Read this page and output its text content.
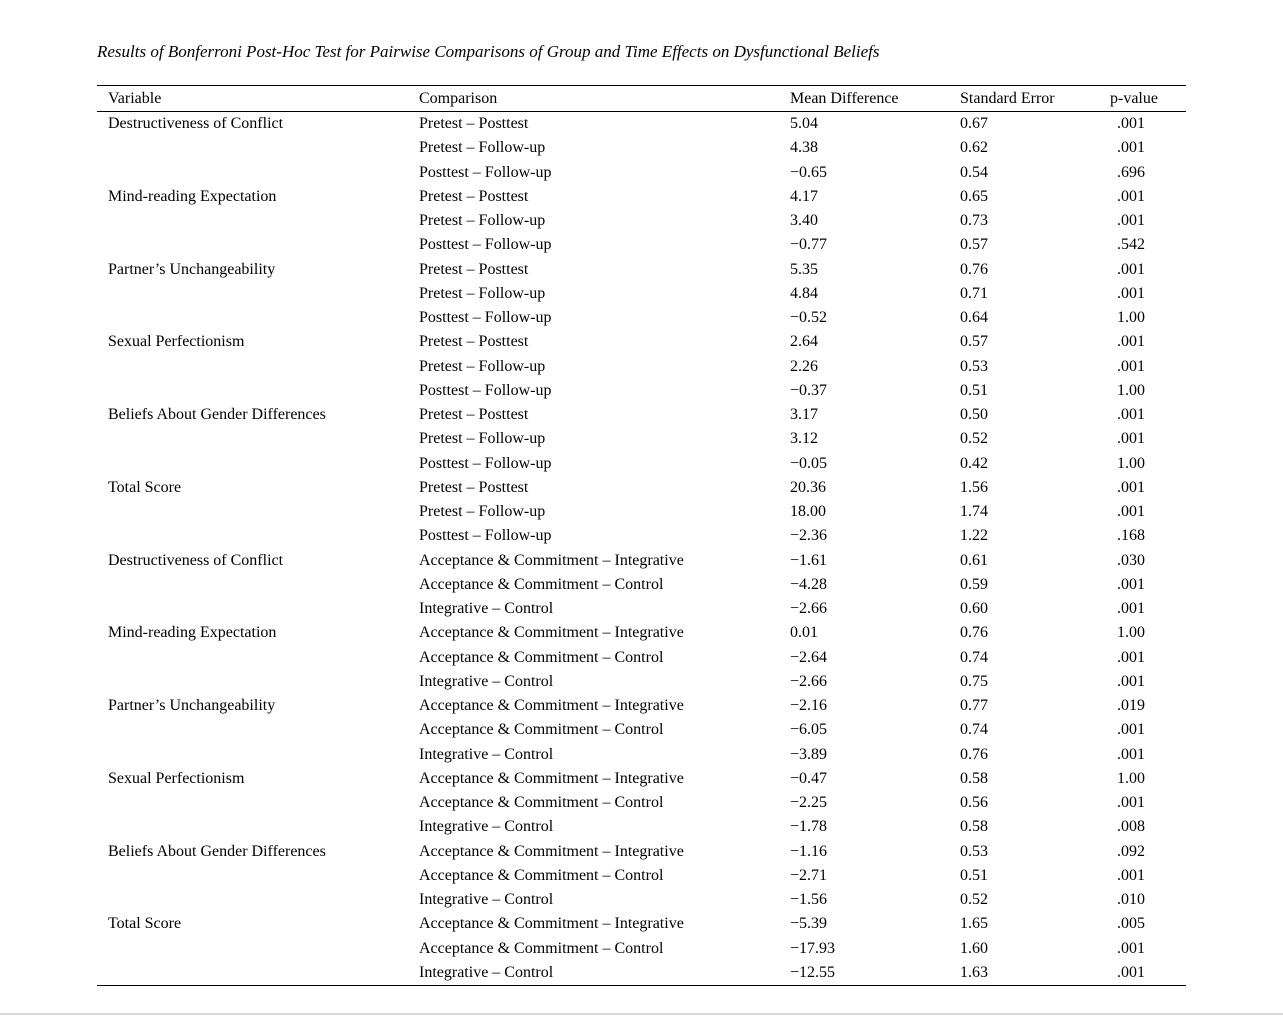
Results of Bonferroni Post-Hoc Test for Pairwise Comparisons of Group and Time Effects on Dysfunctional Beliefs
Variable	Comparison	Mean Difference	Standard Error	p-value
Destructiveness of Conflict	Pretest – Posttest	5.04	0.67	.001
	Pretest – Follow-up	4.38	0.62	.001
	Posttest – Follow-up	−0.65	0.54	.696
Mind-reading Expectation	Pretest – Posttest	4.17	0.65	.001
	Pretest – Follow-up	3.40	0.73	.001
	Posttest – Follow-up	−0.77	0.57	.542
Partner’s Unchangeability	Pretest – Posttest	5.35	0.76	.001
	Pretest – Follow-up	4.84	0.71	.001
	Posttest – Follow-up	−0.52	0.64	1.00
Sexual Perfectionism	Pretest – Posttest	2.64	0.57	.001
	Pretest – Follow-up	2.26	0.53	.001
	Posttest – Follow-up	−0.37	0.51	1.00
Beliefs About Gender Differences	Pretest – Posttest	3.17	0.50	.001
	Pretest – Follow-up	3.12	0.52	.001
	Posttest – Follow-up	−0.05	0.42	1.00
Total Score	Pretest – Posttest	20.36	1.56	.001
	Pretest – Follow-up	18.00	1.74	.001
	Posttest – Follow-up	−2.36	1.22	.168
Destructiveness of Conflict	Acceptance & Commitment – Integrative	−1.61	0.61	.030
	Acceptance & Commitment – Control	−4.28	0.59	.001
	Integrative – Control	−2.66	0.60	.001
Mind-reading Expectation	Acceptance & Commitment – Integrative	0.01	0.76	1.00
	Acceptance & Commitment – Control	−2.64	0.74	.001
	Integrative – Control	−2.66	0.75	.001
Partner’s Unchangeability	Acceptance & Commitment – Integrative	−2.16	0.77	.019
	Acceptance & Commitment – Control	−6.05	0.74	.001
	Integrative – Control	−3.89	0.76	.001
Sexual Perfectionism	Acceptance & Commitment – Integrative	−0.47	0.58	1.00
	Acceptance & Commitment – Control	−2.25	0.56	.001
	Integrative – Control	−1.78	0.58	.008
Beliefs About Gender Differences	Acceptance & Commitment – Integrative	−1.16	0.53	.092
	Acceptance & Commitment – Control	−2.71	0.51	.001
	Integrative – Control	−1.56	0.52	.010
Total Score	Acceptance & Commitment – Integrative	−5.39	1.65	.005
	Acceptance & Commitment – Control	−17.93	1.60	.001
	Integrative – Control	−12.55	1.63	.001
